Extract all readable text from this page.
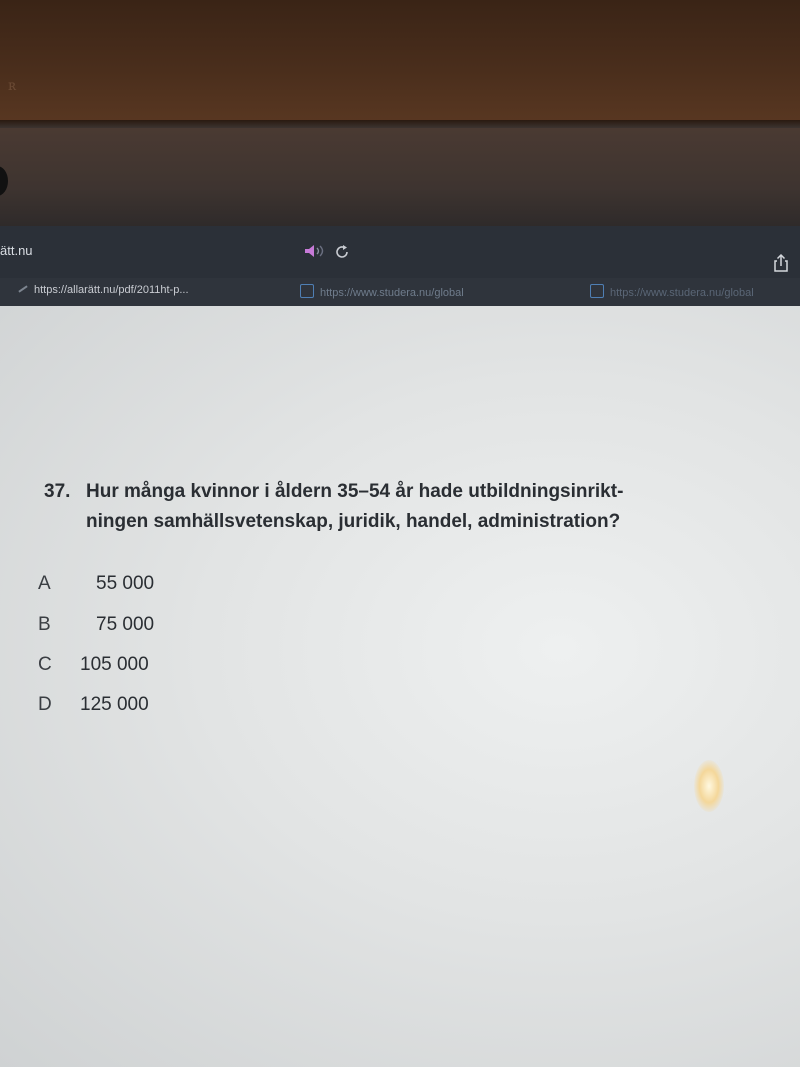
ʀ
ätt.nu
https://allarätt.nu/pdf/2011ht-p...	https://www.studera.nu/global	https://www.studera.nu/global
37. Hur många kvinnor i åldern 35–54 år hade utbildningsinrikt-
ningen samhällsvetenskap, juridik, handel, administration?
A 55 000
B 75 000
C 105 000
D 125 000
